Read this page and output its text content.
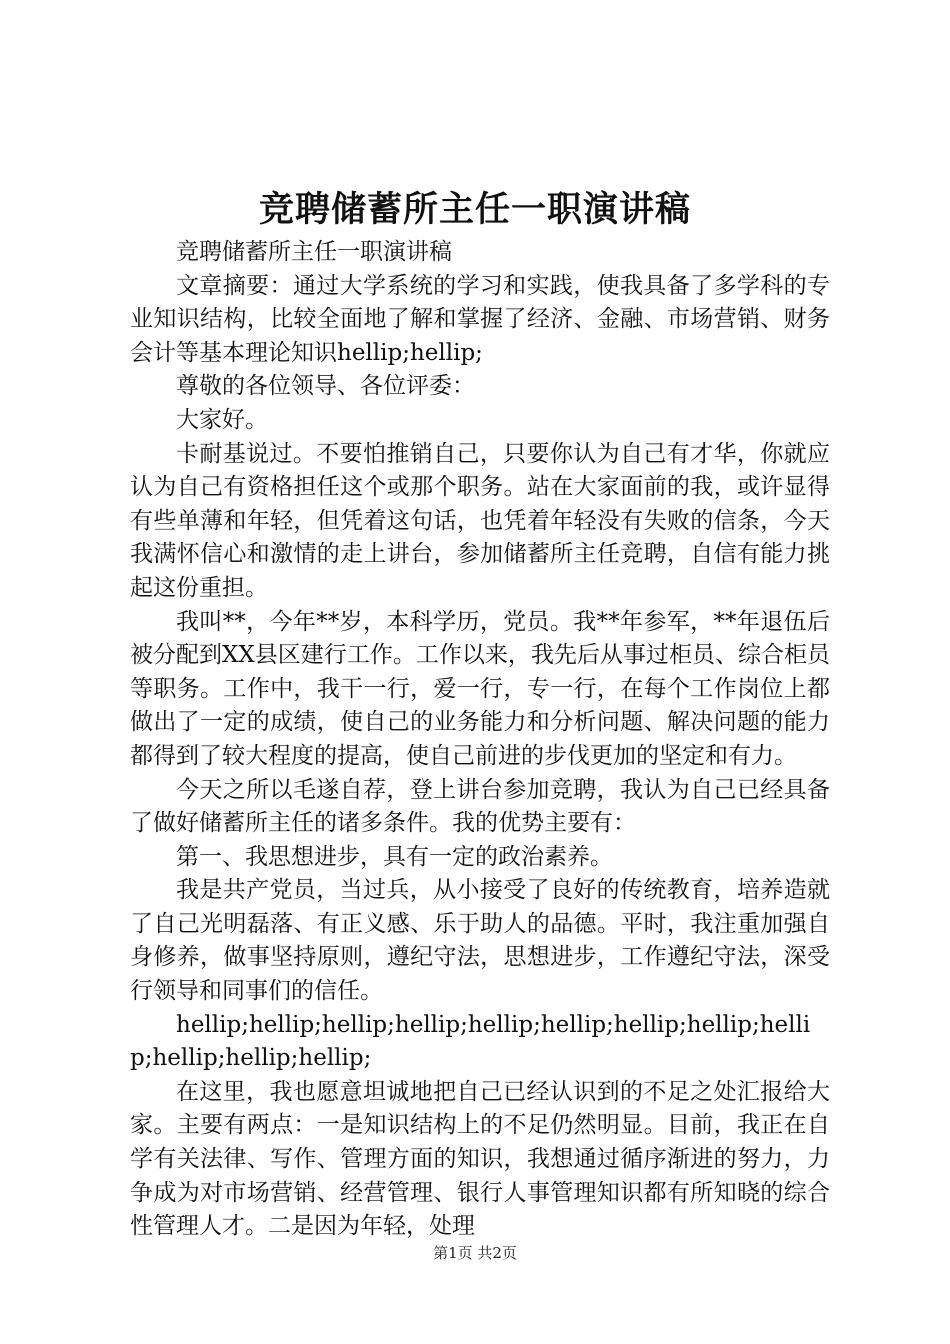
竞聘储蓄所主任一职演讲稿

竞聘储蓄所主任一职演讲稿

文章摘要：通过大学系统的学习和实践，使我具备了多学科的专业知识结构，比较全面地了解和掌握了经济、金融、市场营销、财务会计等基本理论知识hellip;hellip;

尊敬的各位领导、各位评委：

大家好。

卡耐基说过。不要怕推销自己，只要你认为自己有才华，你就应认为自己有资格担任这个或那个职务。站在大家面前的我，或许显得有些单薄和年轻，但凭着这句话，也凭着年轻没有失败的信条，今天我满怀信心和激情的走上讲台，参加储蓄所主任竞聘，自信有能力挑起这份重担。

我叫**，今年**岁，本科学历，党员。我**年参军，**年退伍后被分配到XX县区建行工作。工作以来，我先后从事过柜员、综合柜员等职务。工作中，我干一行，爱一行，专一行，在每个工作岗位上都做出了一定的成绩，使自己的业务能力和分析问题、解决问题的能力都得到了较大程度的提高，使自己前进的步伐更加的坚定和有力。

今天之所以毛遂自荐，登上讲台参加竞聘，我认为自己已经具备了做好储蓄所主任的诸多条件。我的优势主要有：

第一、我思想进步，具有一定的政治素养。

我是共产党员，当过兵，从小接受了良好的传统教育，培养造就了自己光明磊落、有正义感、乐于助人的品德。平时，我注重加强自身修养，做事坚持原则，遵纪守法，思想进步，工作遵纪守法，深受行领导和同事们的信任。

hellip;hellip;hellip;hellip;hellip;hellip;hellip;hellip;hellip;hellip;hellip;hellip;

在这里，我也愿意坦诚地把自己已经认识到的不足之处汇报给大家。主要有两点：一是知识结构上的不足仍然明显。目前，我正在自学有关法律、写作、管理方面的知识，我想通过循序渐进的努力，力争成为对市场营销、经营管理、银行人事管理知识都有所知晓的综合性管理人才。二是因为年轻，处理

第1页 共2页
